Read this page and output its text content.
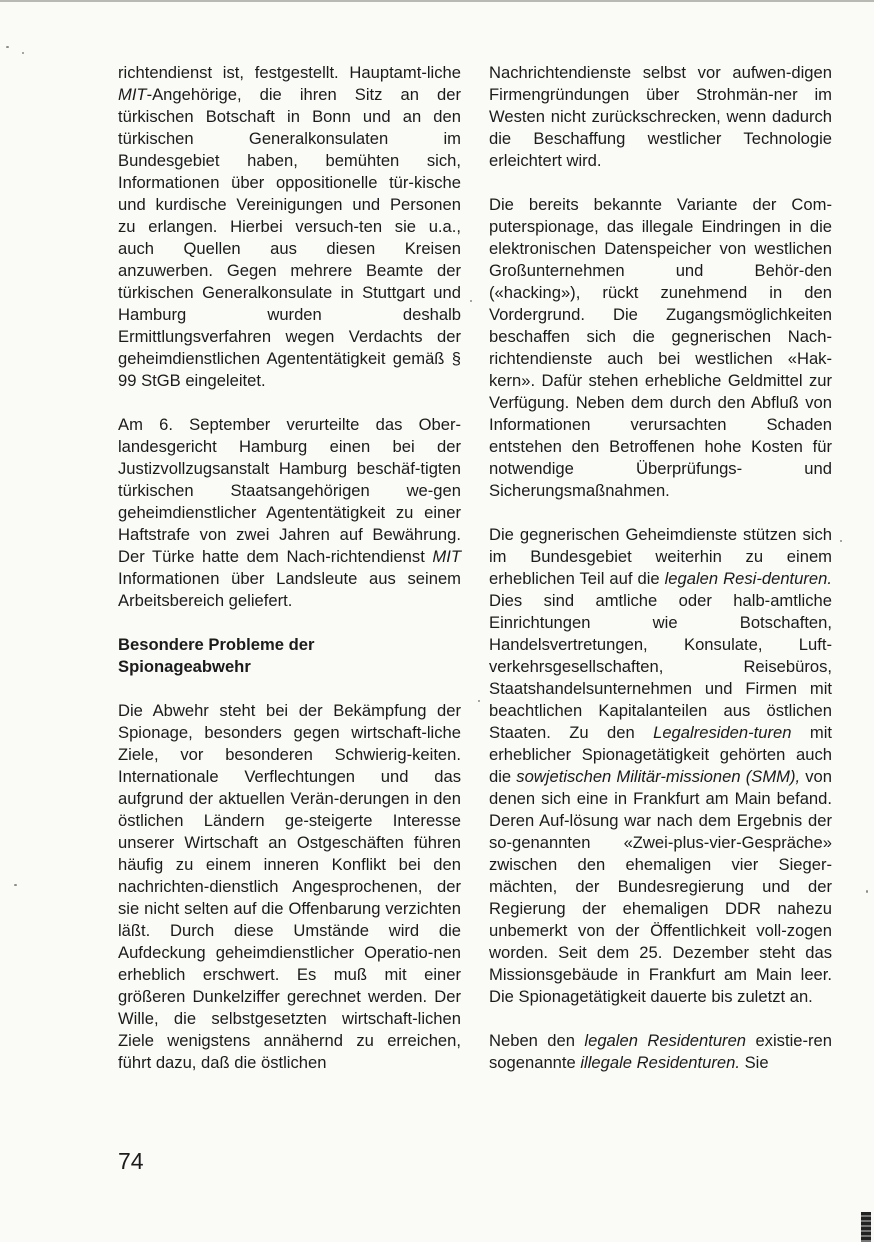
richtendienst ist, festgestellt. Hauptamt-liche MIT-Angehörige, die ihren Sitz an der türkischen Botschaft in Bonn und an den türkischen Generalkonsulaten im Bundesgebiet haben, bemühten sich, Informationen über oppositionelle tür-kische und kurdische Vereinigungen und Personen zu erlangen. Hierbei versuch-ten sie u.a., auch Quellen aus diesen Kreisen anzuwerben. Gegen mehrere Beamte der türkischen Generalkonsulate in Stuttgart und Hamburg wurden deshalb Ermittlungsverfahren wegen Verdachts der geheimdienstlichen Agententätigkeit gemäß § 99 StGB eingeleitet.

Am 6. September verurteilte das Ober-landesgericht Hamburg einen bei der Justizvollzugsanstalt Hamburg beschäf-tigten türkischen Staatsangehörigen we-gen geheimdienstlicher Agententätigkeit zu einer Haftstrafe von zwei Jahren auf Bewährung. Der Türke hatte dem Nach-richtendienst MIT Informationen über Landsleute aus seinem Arbeitsbereich geliefert.

Besondere Probleme der
Spionageabwehr

Die Abwehr steht bei der Bekämpfung der Spionage, besonders gegen wirtschaft-liche Ziele, vor besonderen Schwierig-keiten. Internationale Verflechtungen und das aufgrund der aktuellen Verän-derungen in den östlichen Ländern ge-steigerte Interesse unserer Wirtschaft an Ostgeschäften führen häufig zu einem inneren Konflikt bei den nachrichten-dienstlich Angesprochenen, der sie nicht selten auf die Offenbarung verzichten läßt. Durch diese Umstände wird die Aufdeckung geheimdienstlicher Operatio-nen erheblich erschwert. Es muß mit einer größeren Dunkelziffer gerechnet werden. Der Wille, die selbstgesetzten wirtschaft-lichen Ziele wenigstens annähernd zu erreichen, führt dazu, daß die östlichen

Nachrichtendienste selbst vor aufwen-digen Firmengründungen über Strohmän-ner im Westen nicht zurückschrecken, wenn dadurch die Beschaffung westlicher Technologie erleichtert wird.

Die bereits bekannte Variante der Com-puterspionage, das illegale Eindringen in die elektronischen Datenspeicher von westlichen Großunternehmen und Behör-den («hacking»), rückt zunehmend in den Vordergrund. Die Zugangsmöglichkeiten beschaffen sich die gegnerischen Nach-richtendienste auch bei westlichen «Hak-kern». Dafür stehen erhebliche Geldmittel zur Verfügung. Neben dem durch den Abfluß von Informationen verursachten Schaden entstehen den Betroffenen hohe Kosten für notwendige Überprüfungs- und Sicherungsmaßnahmen.

Die gegnerischen Geheimdienste stützen sich im Bundesgebiet weiterhin zu einem erheblichen Teil auf die legalen Resi-denturen. Dies sind amtliche oder halb-amtliche Einrichtungen wie Botschaften, Handelsvertretungen, Konsulate, Luft-verkehrsgesellschaften, Reisebüros, Staatshandelsunternehmen und Firmen mit beachtlichen Kapitalanteilen aus östlichen Staaten. Zu den Legalresiden-turen mit erheblicher Spionagetätigkeit gehörten auch die sowjetischen Militär-missionen (SMM), von denen sich eine in Frankfurt am Main befand. Deren Auf-lösung war nach dem Ergebnis der so-genannten «Zwei-plus-vier-Gespräche» zwischen den ehemaligen vier Sieger-mächten, der Bundesregierung und der Regierung der ehemaligen DDR nahezu unbemerkt von der Öffentlichkeit voll-zogen worden. Seit dem 25. Dezember steht das Missionsgebäude in Frankfurt am Main leer. Die Spionagetätigkeit dauerte bis zuletzt an.

Neben den legalen Residenturen existie-ren sogenannte illegale Residenturen. Sie

74
